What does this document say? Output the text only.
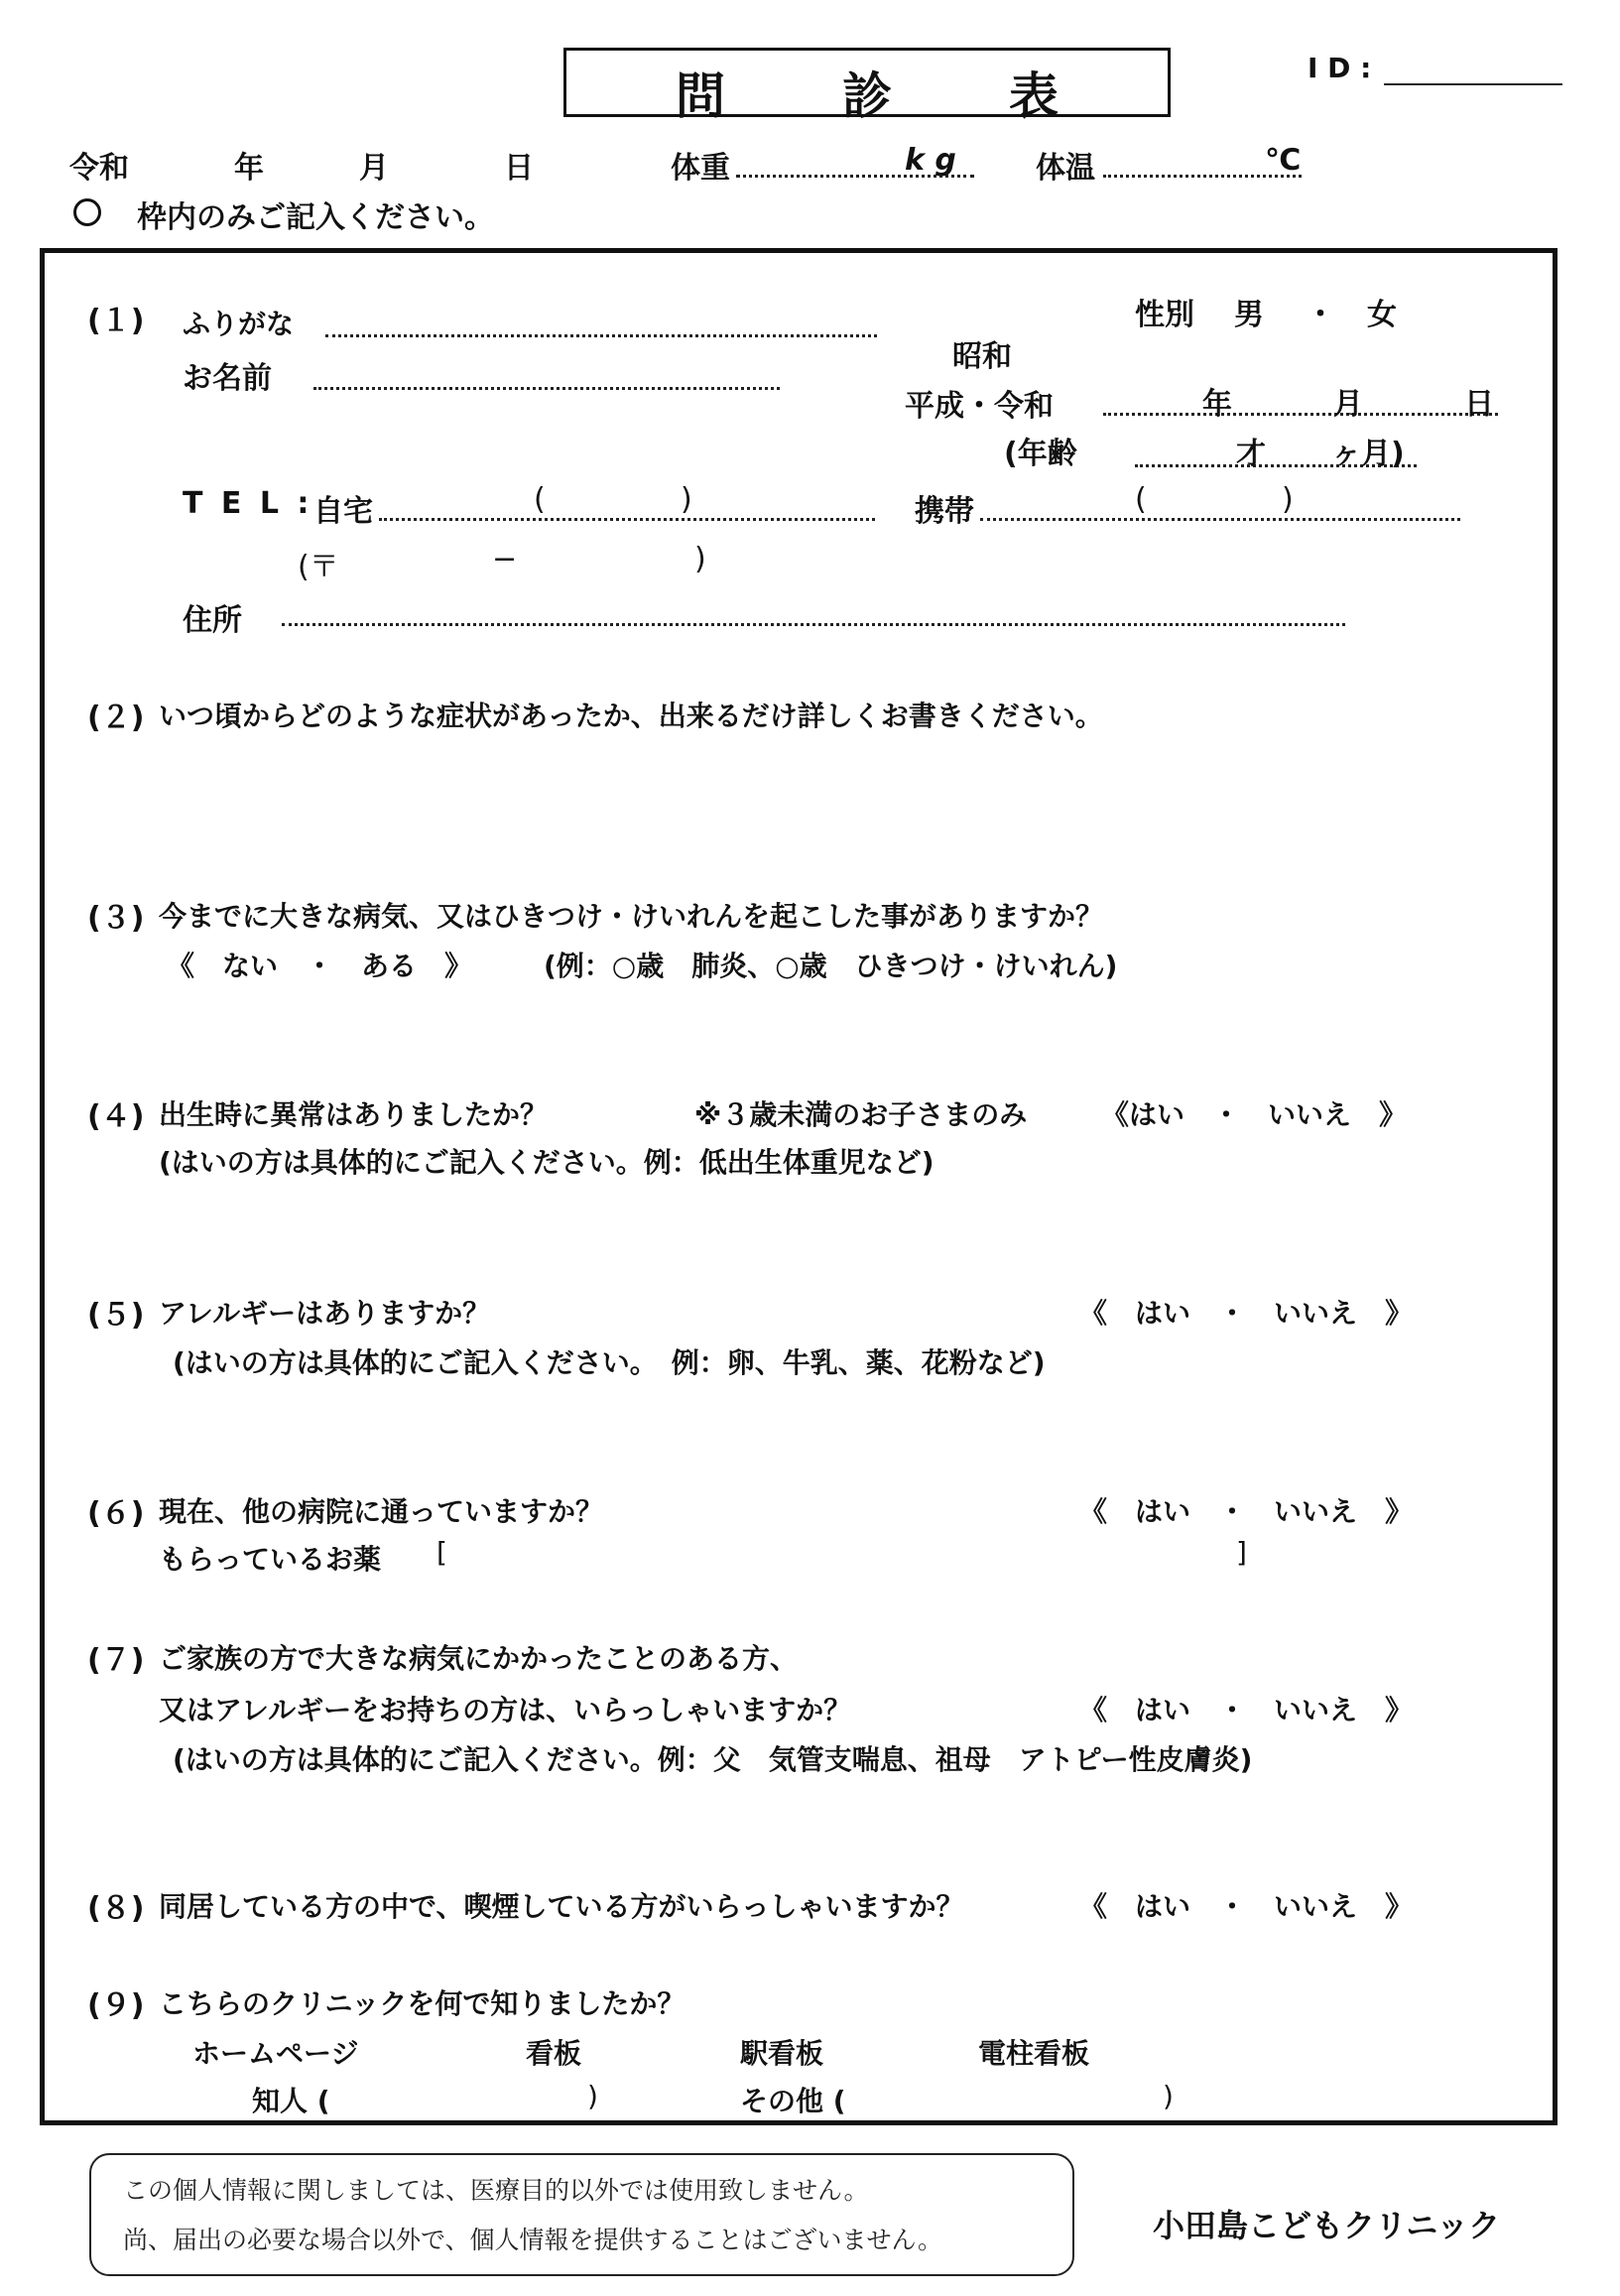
問 診 表	I D :
令和	年	月	日	体重	k g	体温	℃
枠内のみご記入ください。
(１) ふりがな
お名前
性別 男 ・ 女
昭和
平成・令和	年	月	日
(年齢	才 ヶ月)
T E L : 自宅	(	)	携帯	(	)
(〒	−	)
住所
(２) いつ頃からどのような症状があったか、出来るだけ詳しくお書きください。
(３) 今までに大きな病気、又はひきつけ・けいれんを起こした事がありますか？
《　ない　・　ある　》	(例：○歳　肺炎、○歳　ひきつけ・けいれん)
(４) 出生時に異常はありましたか？	※３歳未満のお子さまのみ	《はい　・　いいえ　》
(はいの方は具体的にご記入ください。例：低出生体重児など)
(５) アレルギーはありますか？	《　はい　・　いいえ　》
(はいの方は具体的にご記入ください。　例：卵、牛乳、薬、花粉など)
(６) 現在、他の病院に通っていますか？	《　はい　・　いいえ　》
もらっているお薬 [	]
(７) ご家族の方で大きな病気にかかったことのある方、
又はアレルギーをお持ちの方は、いらっしゃいますか？	《　はい　・　いいえ　》
(はいの方は具体的にご記入ください。例：父　気管支喘息、祖母　アトピー性皮膚炎)
(８) 同居している方の中で、喫煙している方がいらっしゃいますか？	《　はい　・　いいえ　》
(９) こちらのクリニックを何で知りましたか？
ホームページ	看板	駅看板	電柱看板
知人 (	)	その他 (	)
この個人情報に関しましては、医療目的以外では使用致しません。
尚、届出の必要な場合以外で、個人情報を提供することはございません。	小田島こどもクリニック
